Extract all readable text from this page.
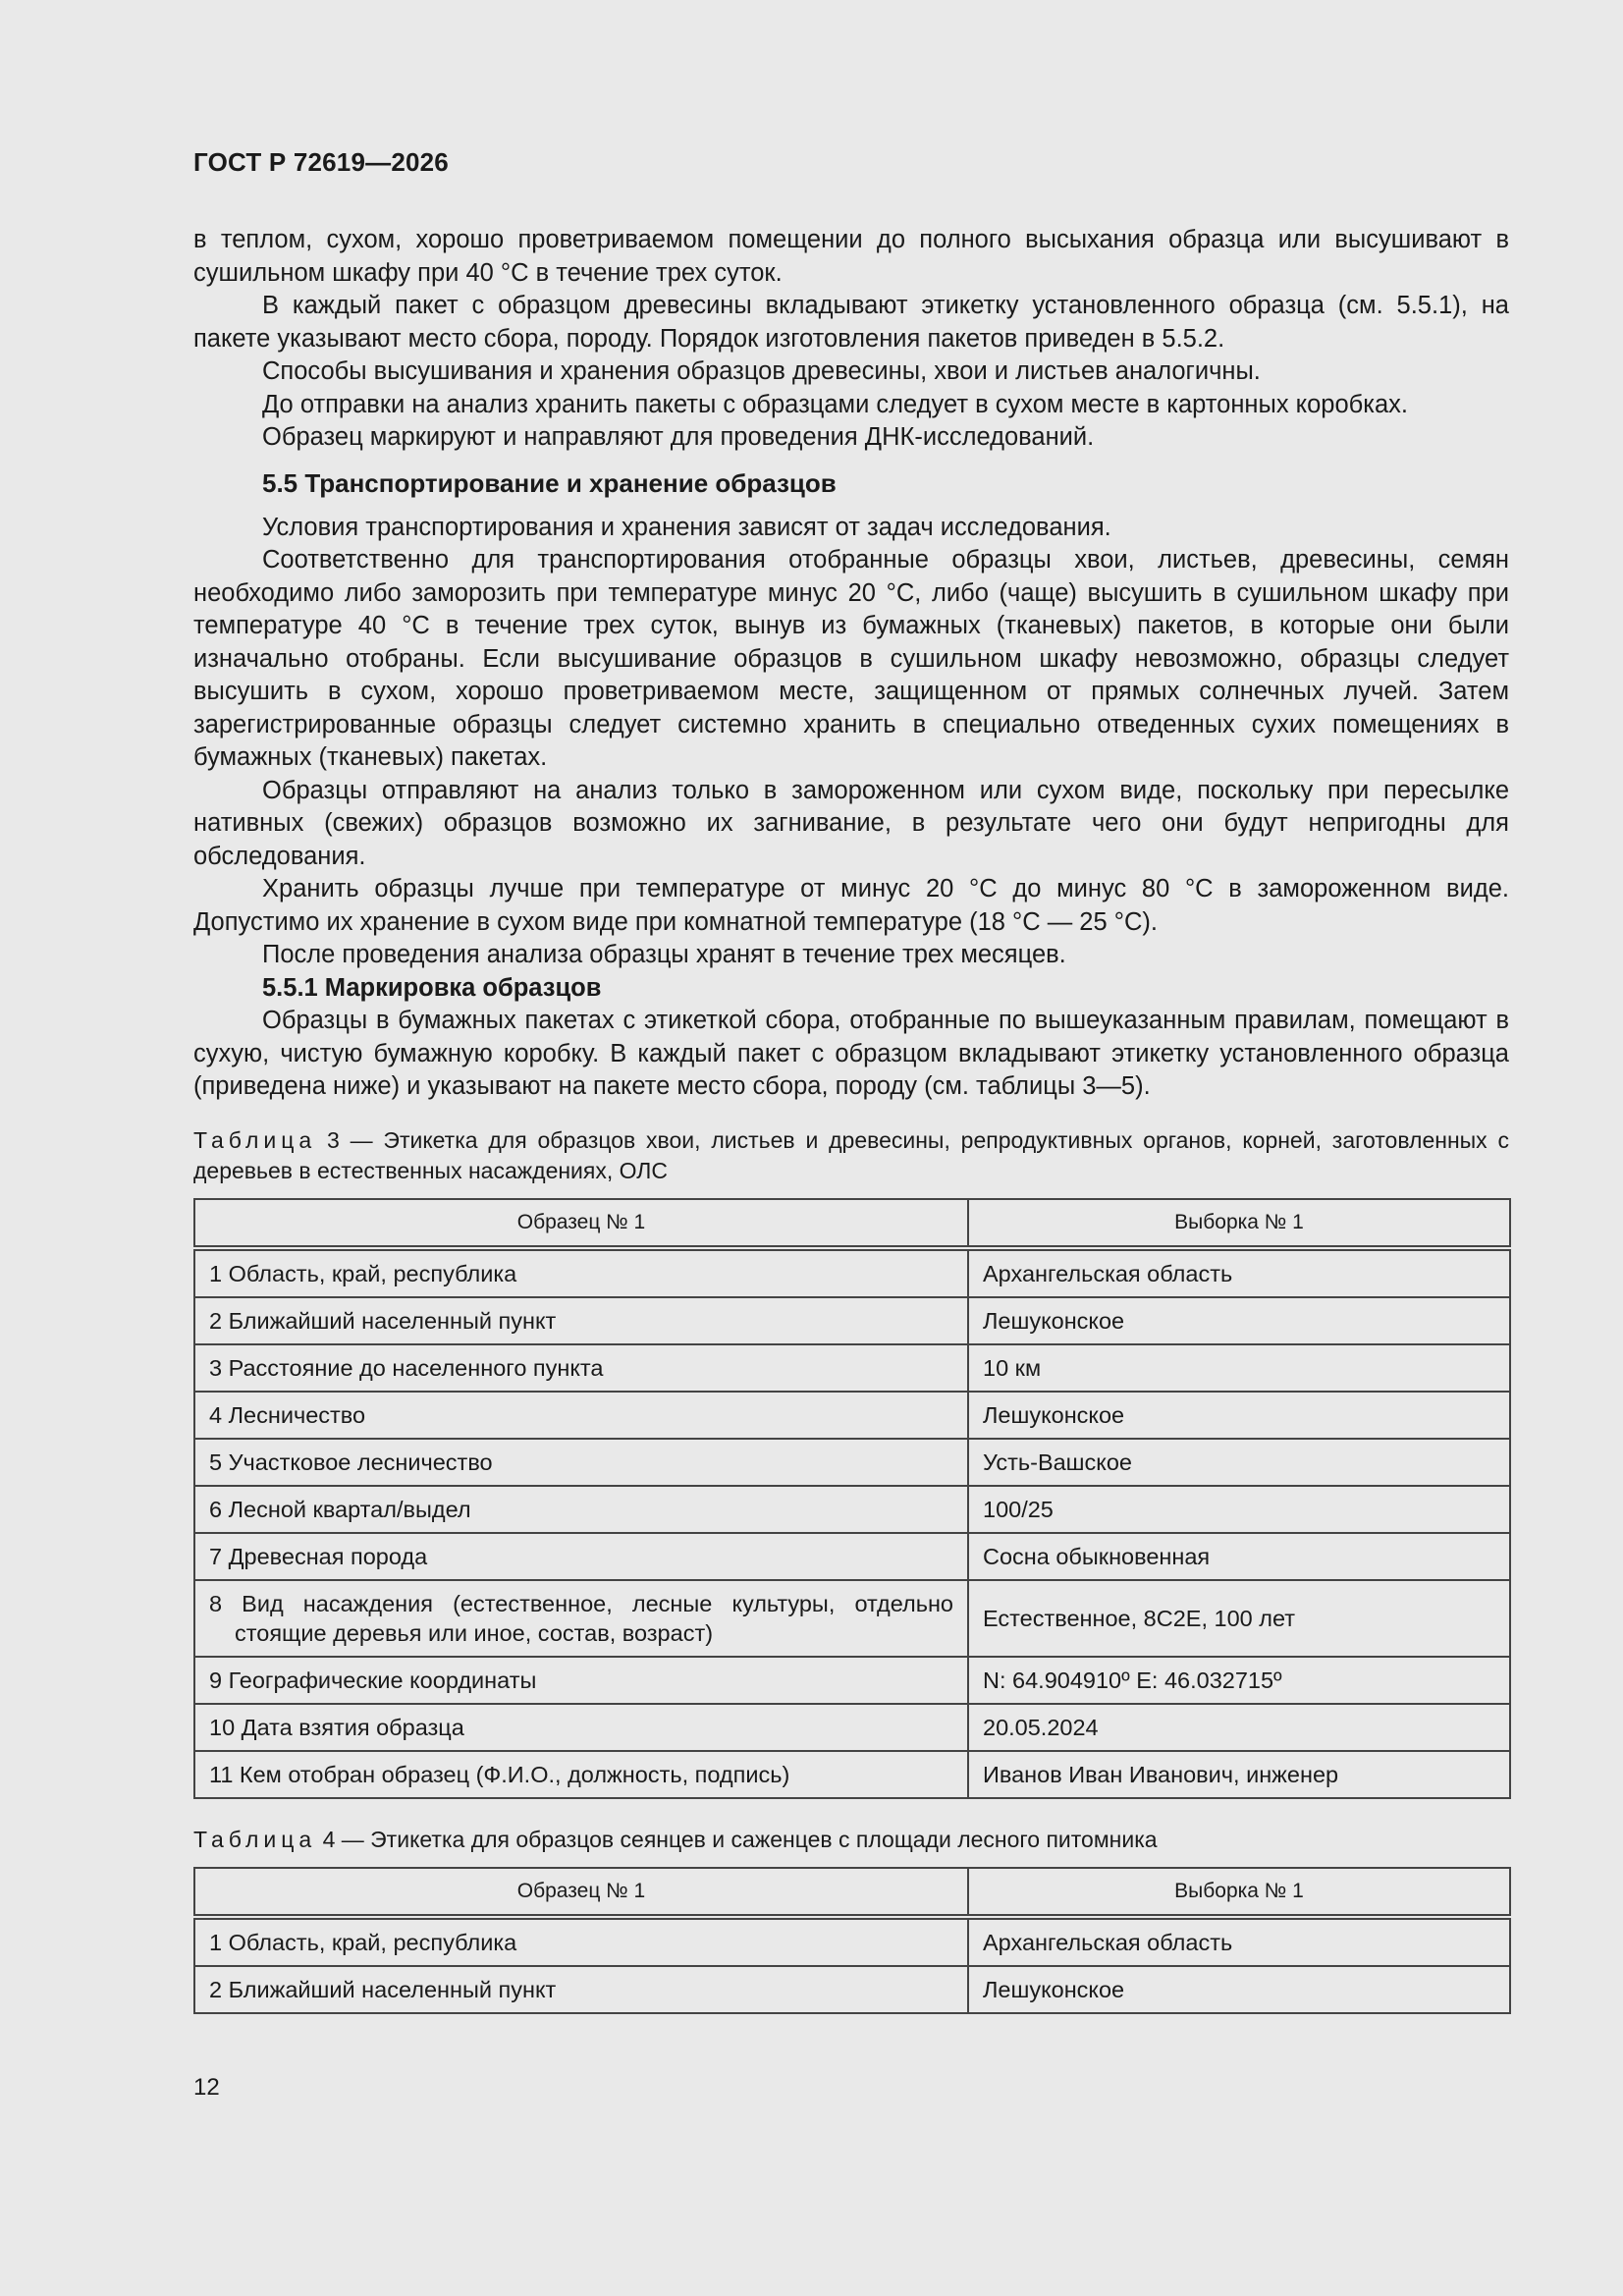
ГОСТ Р 72619—2026

в теплом, сухом, хорошо проветриваемом помещении до полного высыхания образца или высушивают в сушильном шкафу при 40 °С в течение трех суток.

В каждый пакет с образцом древесины вкладывают этикетку установленного образца (см. 5.5.1), на пакете указывают место сбора, породу. Порядок изготовления пакетов приведен в 5.5.2.

Способы высушивания и хранения образцов древесины, хвои и листьев аналогичны.

До отправки на анализ хранить пакеты с образцами следует в сухом месте в картонных коробках.

Образец маркируют и направляют для проведения ДНК-исследований.

5.5 Транспортирование и хранение образцов

Условия транспортирования и хранения зависят от задач исследования.

Соответственно для транспортирования отобранные образцы хвои, листьев, древесины, семян необходимо либо заморозить при температуре минус 20 °С, либо (чаще) высушить в сушильном шкафу при температуре 40 °С в течение трех суток, вынув из бумажных (тканевых) пакетов, в которые они были изначально отобраны. Если высушивание образцов в сушильном шкафу невозможно, образцы следует высушить в сухом, хорошо проветриваемом месте, защищенном от прямых солнечных лучей. Затем зарегистрированные образцы следует системно хранить в специально отведенных сухих помещениях в бумажных (тканевых) пакетах.

Образцы отправляют на анализ только в замороженном или сухом виде, поскольку при пересылке нативных (свежих) образцов возможно их загнивание, в результате чего они будут непригодны для обследования.

Хранить образцы лучше при температуре от минус 20 °С до минус 80 °С в замороженном виде. Допустимо их хранение в сухом виде при комнатной температуре (18 °С — 25 °С).

После проведения анализа образцы хранят в течение трех месяцев.

5.5.1 Маркировка образцов

Образцы в бумажных пакетах с этикеткой сбора, отобранные по вышеуказанным правилам, помещают в сухую, чистую бумажную коробку. В каждый пакет с образцом вкладывают этикетку установленного образца (приведена ниже) и указывают на пакете место сбора, породу (см. таблицы 3—5).

Таблица 3 — Этикетка для образцов хвои, листьев и древесины, репродуктивных органов, корней, заготовленных с деревьев в естественных насаждениях, ОЛС
Образец № 1	Выборка № 1
1 Область, край, республика	Архангельская область
2 Ближайший населенный пункт	Лешуконское
3 Расстояние до населенного пункта	10 км
4 Лесничество	Лешуконское
5 Участковое лесничество	Усть-Вашское
6 Лесной квартал/выдел	100/25
7 Древесная порода	Сосна обыкновенная

8 Вид насаждения (естественное, лесные культуры, отдельно стоящие деревья или иное, состав, возраст)	Естественное, 8С2Е, 100 лет
9 Географические координаты	N: 64.904910º E: 46.032715º
10 Дата взятия образца	20.05.2024
11 Кем отобран образец (Ф.И.О., должность, подпись)	Иванов Иван Иванович, инженер
Таблица 4 — Этикетка для образцов сеянцев и саженцев с площади лесного питомника
Образец № 1	Выборка № 1
1 Область, край, республика	Архангельская область
2 Ближайший населенный пункт	Лешуконское
12
